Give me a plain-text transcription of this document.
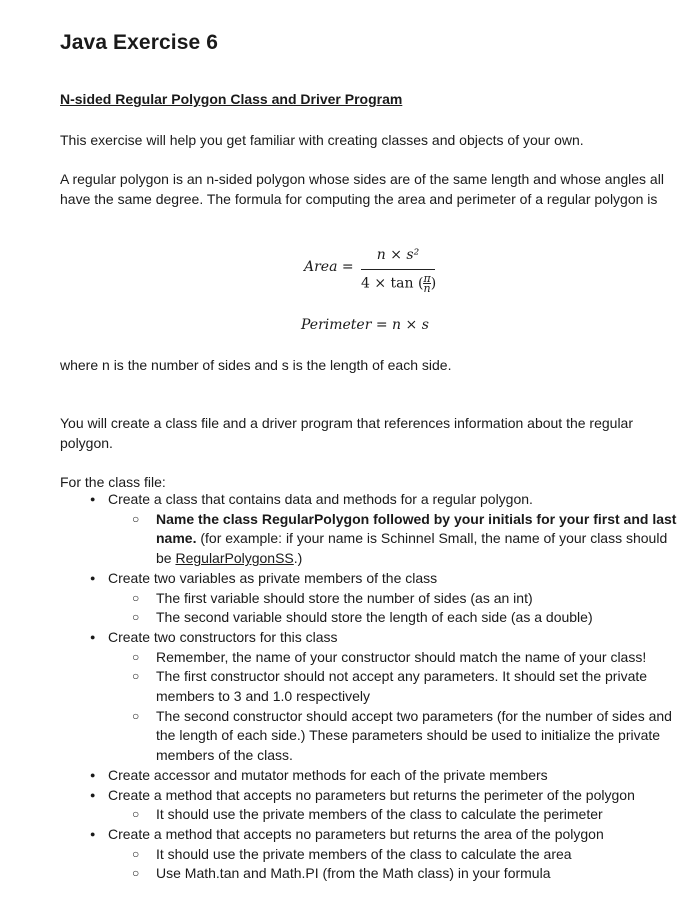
Java Exercise 6

N-sided Regular Polygon Class and Driver Program

This exercise will help you get familiar with creating classes and objects of your own.

A regular polygon is an n-sided polygon whose sides are of the same length and whose angles all have the same degree. The formula for computing the area and perimeter of a regular polygon is

Area =
n × s²
4 × tan ( $\frac{\pi}{n}$ )
Perimeter = n × s

where n is the number of sides and s is the length of each side.

You will create a class file and a driver program that references information about the regular polygon.

For the class file:

● Create a class that contains data and methods for a regular polygon.
○ Name the class RegularPolygon followed by your initials for your first and last name. (for example: if your name is Schinnel Small, the name of your class should be RegularPolygonSS.)
● Create two variables as private members of the class
○ The first variable should store the number of sides (as an int)
○ The second variable should store the length of each side (as a double)
● Create two constructors for this class
○ Remember, the name of your constructor should match the name of your class!
○ The first constructor should not accept any parameters. It should set the private members to 3 and 1.0 respectively
○ The second constructor should accept two parameters (for the number of sides and the length of each side.) These parameters should be used to initialize the private members of the class.
● Create accessor and mutator methods for each of the private members
● Create a method that accepts no parameters but returns the perimeter of the polygon
○ It should use the private members of the class to calculate the perimeter
● Create a method that accepts no parameters but returns the area of the polygon
○ It should use the private members of the class to calculate the area
○ Use Math.tan and Math.PI (from the Math class) in your formula
